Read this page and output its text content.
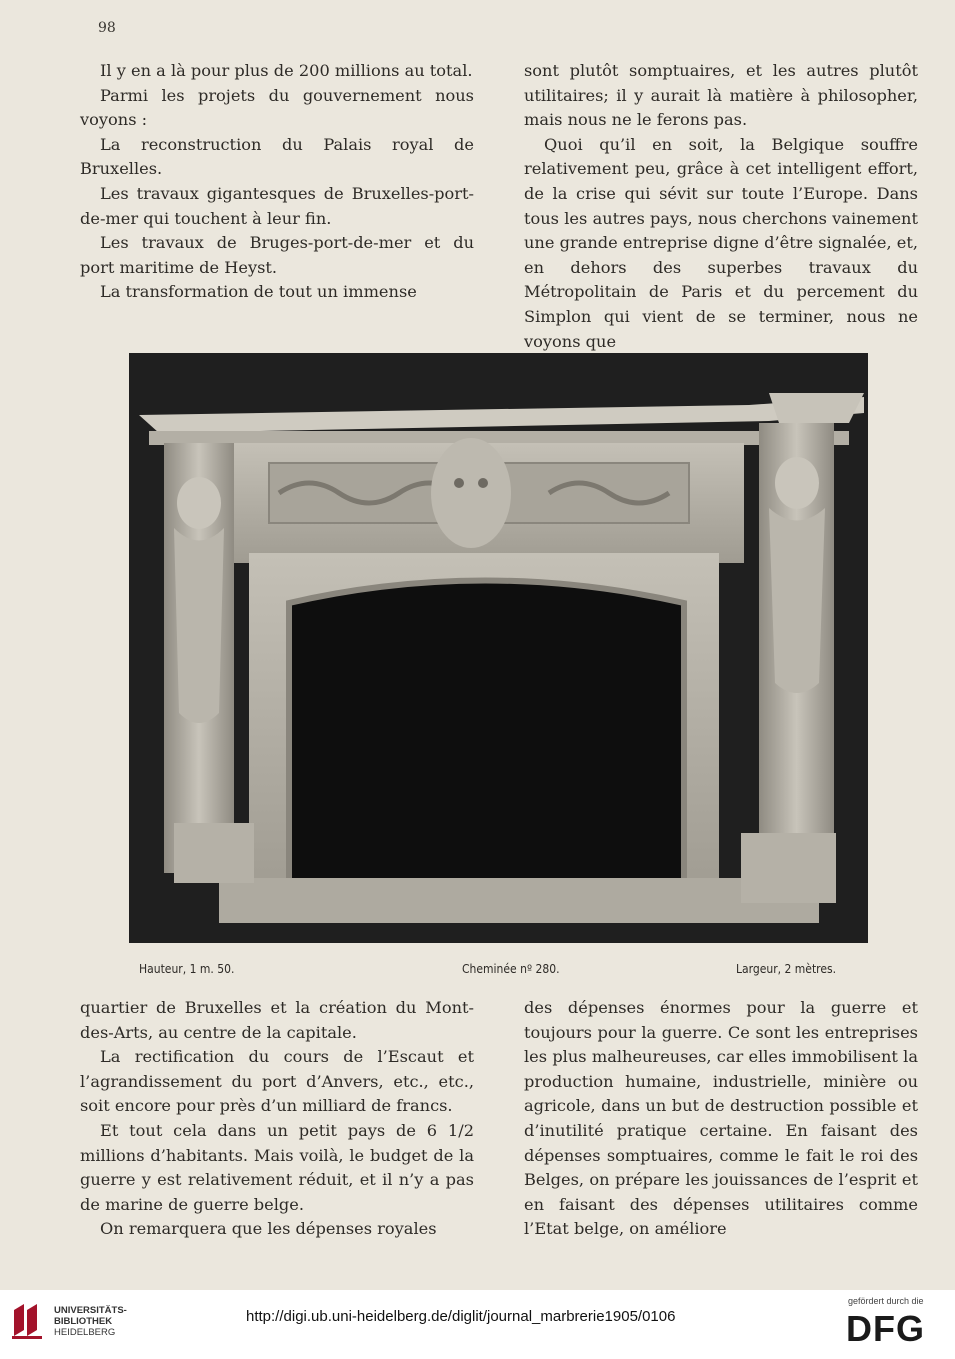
98

Il y en a là pour plus de 200 millions au total.

Parmi les projets du gouvernement nous voyons :

La reconstruction du Palais royal de Bruxelles.

Les travaux gigantesques de Bruxelles-port-de-mer qui touchent à leur fin.

Les travaux de Bruges-port-de-mer et du port maritime de Heyst.

La transformation de tout un immense

sont plutôt somptuaires, et les autres plutôt utilitaires; il y aurait là matière à philosopher, mais nous ne le ferons pas.

Quoi qu’il en soit, la Belgique souffre relativement peu, grâce à cet intelligent effort, de la crise qui sévit sur toute l’Europe. Dans tous les autres pays, nous cherchons vainement une grande entreprise digne d’être signalée, et, en dehors des superbes travaux du Métropolitain de Paris et du percement du Simplon qui vient de se terminer, nous ne voyons que

Hauteur, 1 m. 50.	Cheminée nº 280.	Largeur, 2 mètres.

quartier de Bruxelles et la création du Mont-des-Arts, au centre de la capitale.

La rectification du cours de l’Escaut et l’agrandissement du port d’Anvers, etc., etc., soit encore pour près d’un milliard de francs.

Et tout cela dans un petit pays de 6 1/2 millions d’habitants. Mais voilà, le budget de la guerre y est relativement réduit, et il n’y a pas de marine de guerre belge.

On remarquera que les dépenses royales

des dépenses énormes pour la guerre et toujours pour la guerre. Ce sont les entreprises les plus malheureuses, car elles immobilisent la production humaine, industrielle, minière ou agricole, dans un but de destruction possible et d’inutilité pratique certaine. En faisant des dépenses somptuaires, comme le fait le roi des Belges, on prépare les jouissances de l’esprit et en faisant des dépenses utilitaires comme l’Etat belge, on améliore

UNIVERSITÄTS-
BIBLIOTHEK
HEIDELBERG
http://digi.ub.uni-heidelberg.de/diglit/journal_marbrerie1905/0106
gefördert durch die
DFG
